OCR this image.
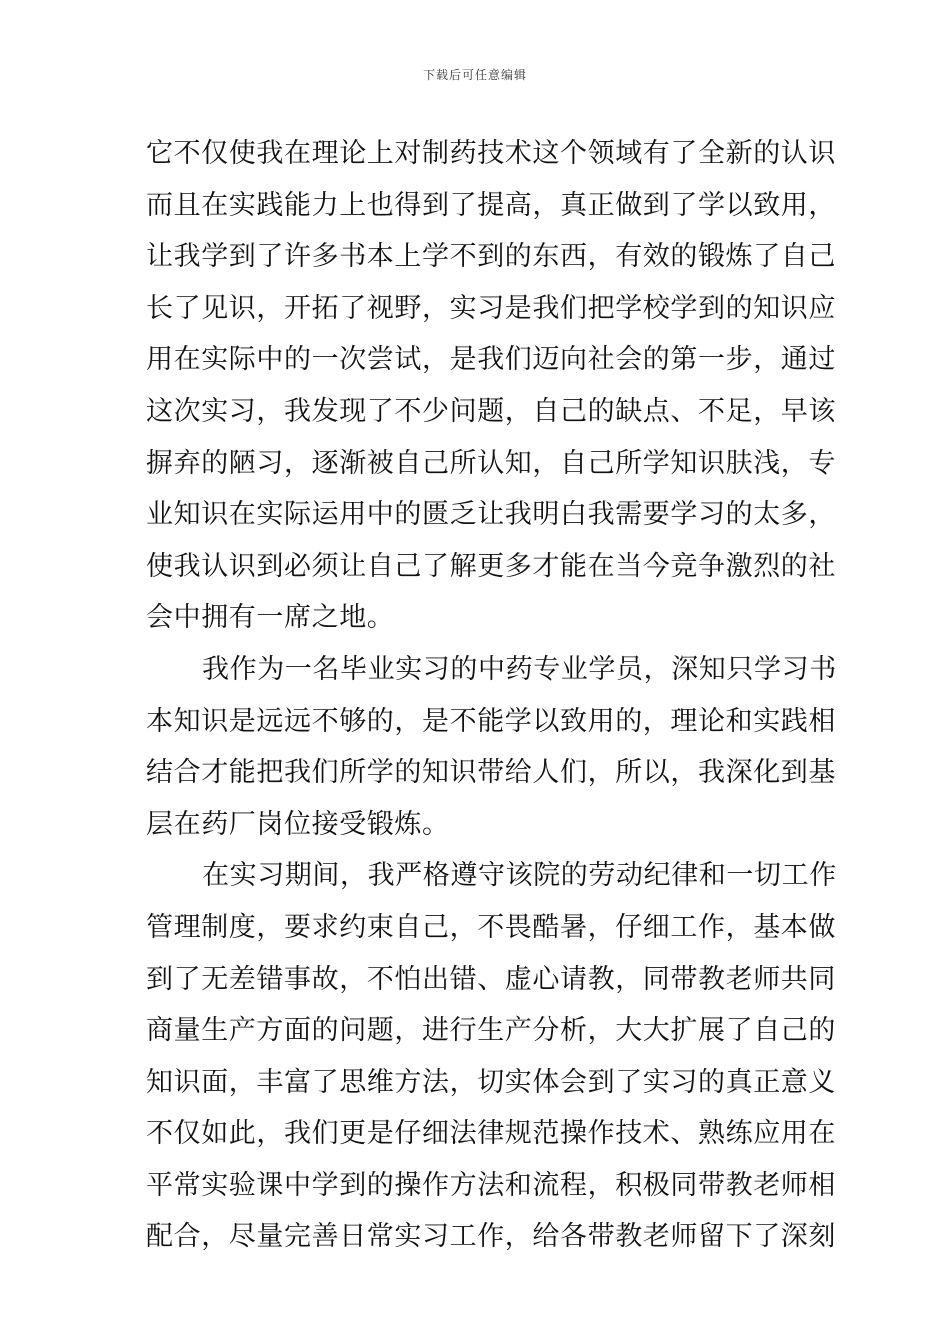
下载后可任意编辑
它不仅使我在理论上对制药技术这个领域有了全新的认识
而且在实践能力上也得到了提高，真正做到了学以致用，
让我学到了许多书本上学不到的东西，有效的锻炼了自己
长了见识，开拓了视野，实习是我们把学校学到的知识应
用在实际中的一次尝试，是我们迈向社会的第一步，通过
这次实习，我发现了不少问题，自己的缺点、不足，早该
摒弃的陋习，逐渐被自己所认知，自己所学知识肤浅，专
业知识在实际运用中的匮乏让我明白我需要学习的太多，
使我认识到必须让自己了解更多才能在当今竞争激烈的社
会中拥有一席之地。
我作为一名毕业实习的中药专业学员，深知只学习书
本知识是远远不够的，是不能学以致用的，理论和实践相
结合才能把我们所学的知识带给人们，所以，我深化到基
层在药厂岗位接受锻炼。
在实习期间，我严格遵守该院的劳动纪律和一切工作
管理制度，要求约束自己，不畏酷暑，仔细工作，基本做
到了无差错事故，不怕出错、虚心请教，同带教老师共同
商量生产方面的问题，进行生产分析，大大扩展了自己的
知识面，丰富了思维方法，切实体会到了实习的真正意义
不仅如此，我们更是仔细法律规范操作技术、熟练应用在
平常实验课中学到的操作方法和流程，积极同带教老师相
配合，尽量完善日常实习工作，给各带教老师留下了深刻
